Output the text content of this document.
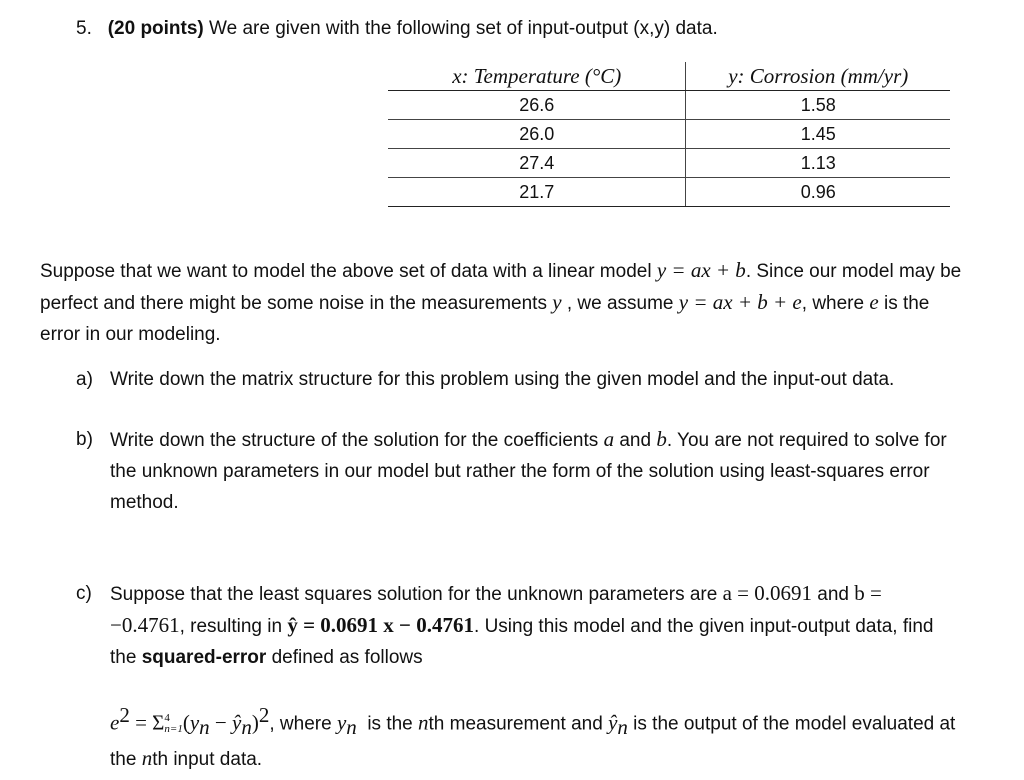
5. (20 points) We are given with the following set of input-output (x,y) data.
x: Temperature (°C)	y: Corrosion (mm/yr)
26.6	1.58
26.0	1.45
27.4	1.13
21.7	0.96
Suppose that we want to model the above set of data with a linear model y = ax + b. Since our model may be perfect and there might be some noise in the measurements y , we assume y = ax + b + e, where e is the error in our modeling.
a) Write down the matrix structure for this problem using the given model and the input-out data.
b) Write down the structure of the solution for the coefficients a and b. You are not required to solve for the unknown parameters in our model but rather the form of the solution using least-squares error method.
c) Suppose that the least squares solution for the unknown parameters are a = 0.0691 and b = −0.4761, resulting in ŷ = 0.0691 x − 0.4761. Using this model and the given input-output data, find the squared-error defined as follows
$e^2 = \Sigma$ 4
n=1 ($y_n$ − $ŷ_n)^2$, where $y_n$  is the nth measurement and $ŷ_n$ is the output of the model evaluated at the nth input data.
